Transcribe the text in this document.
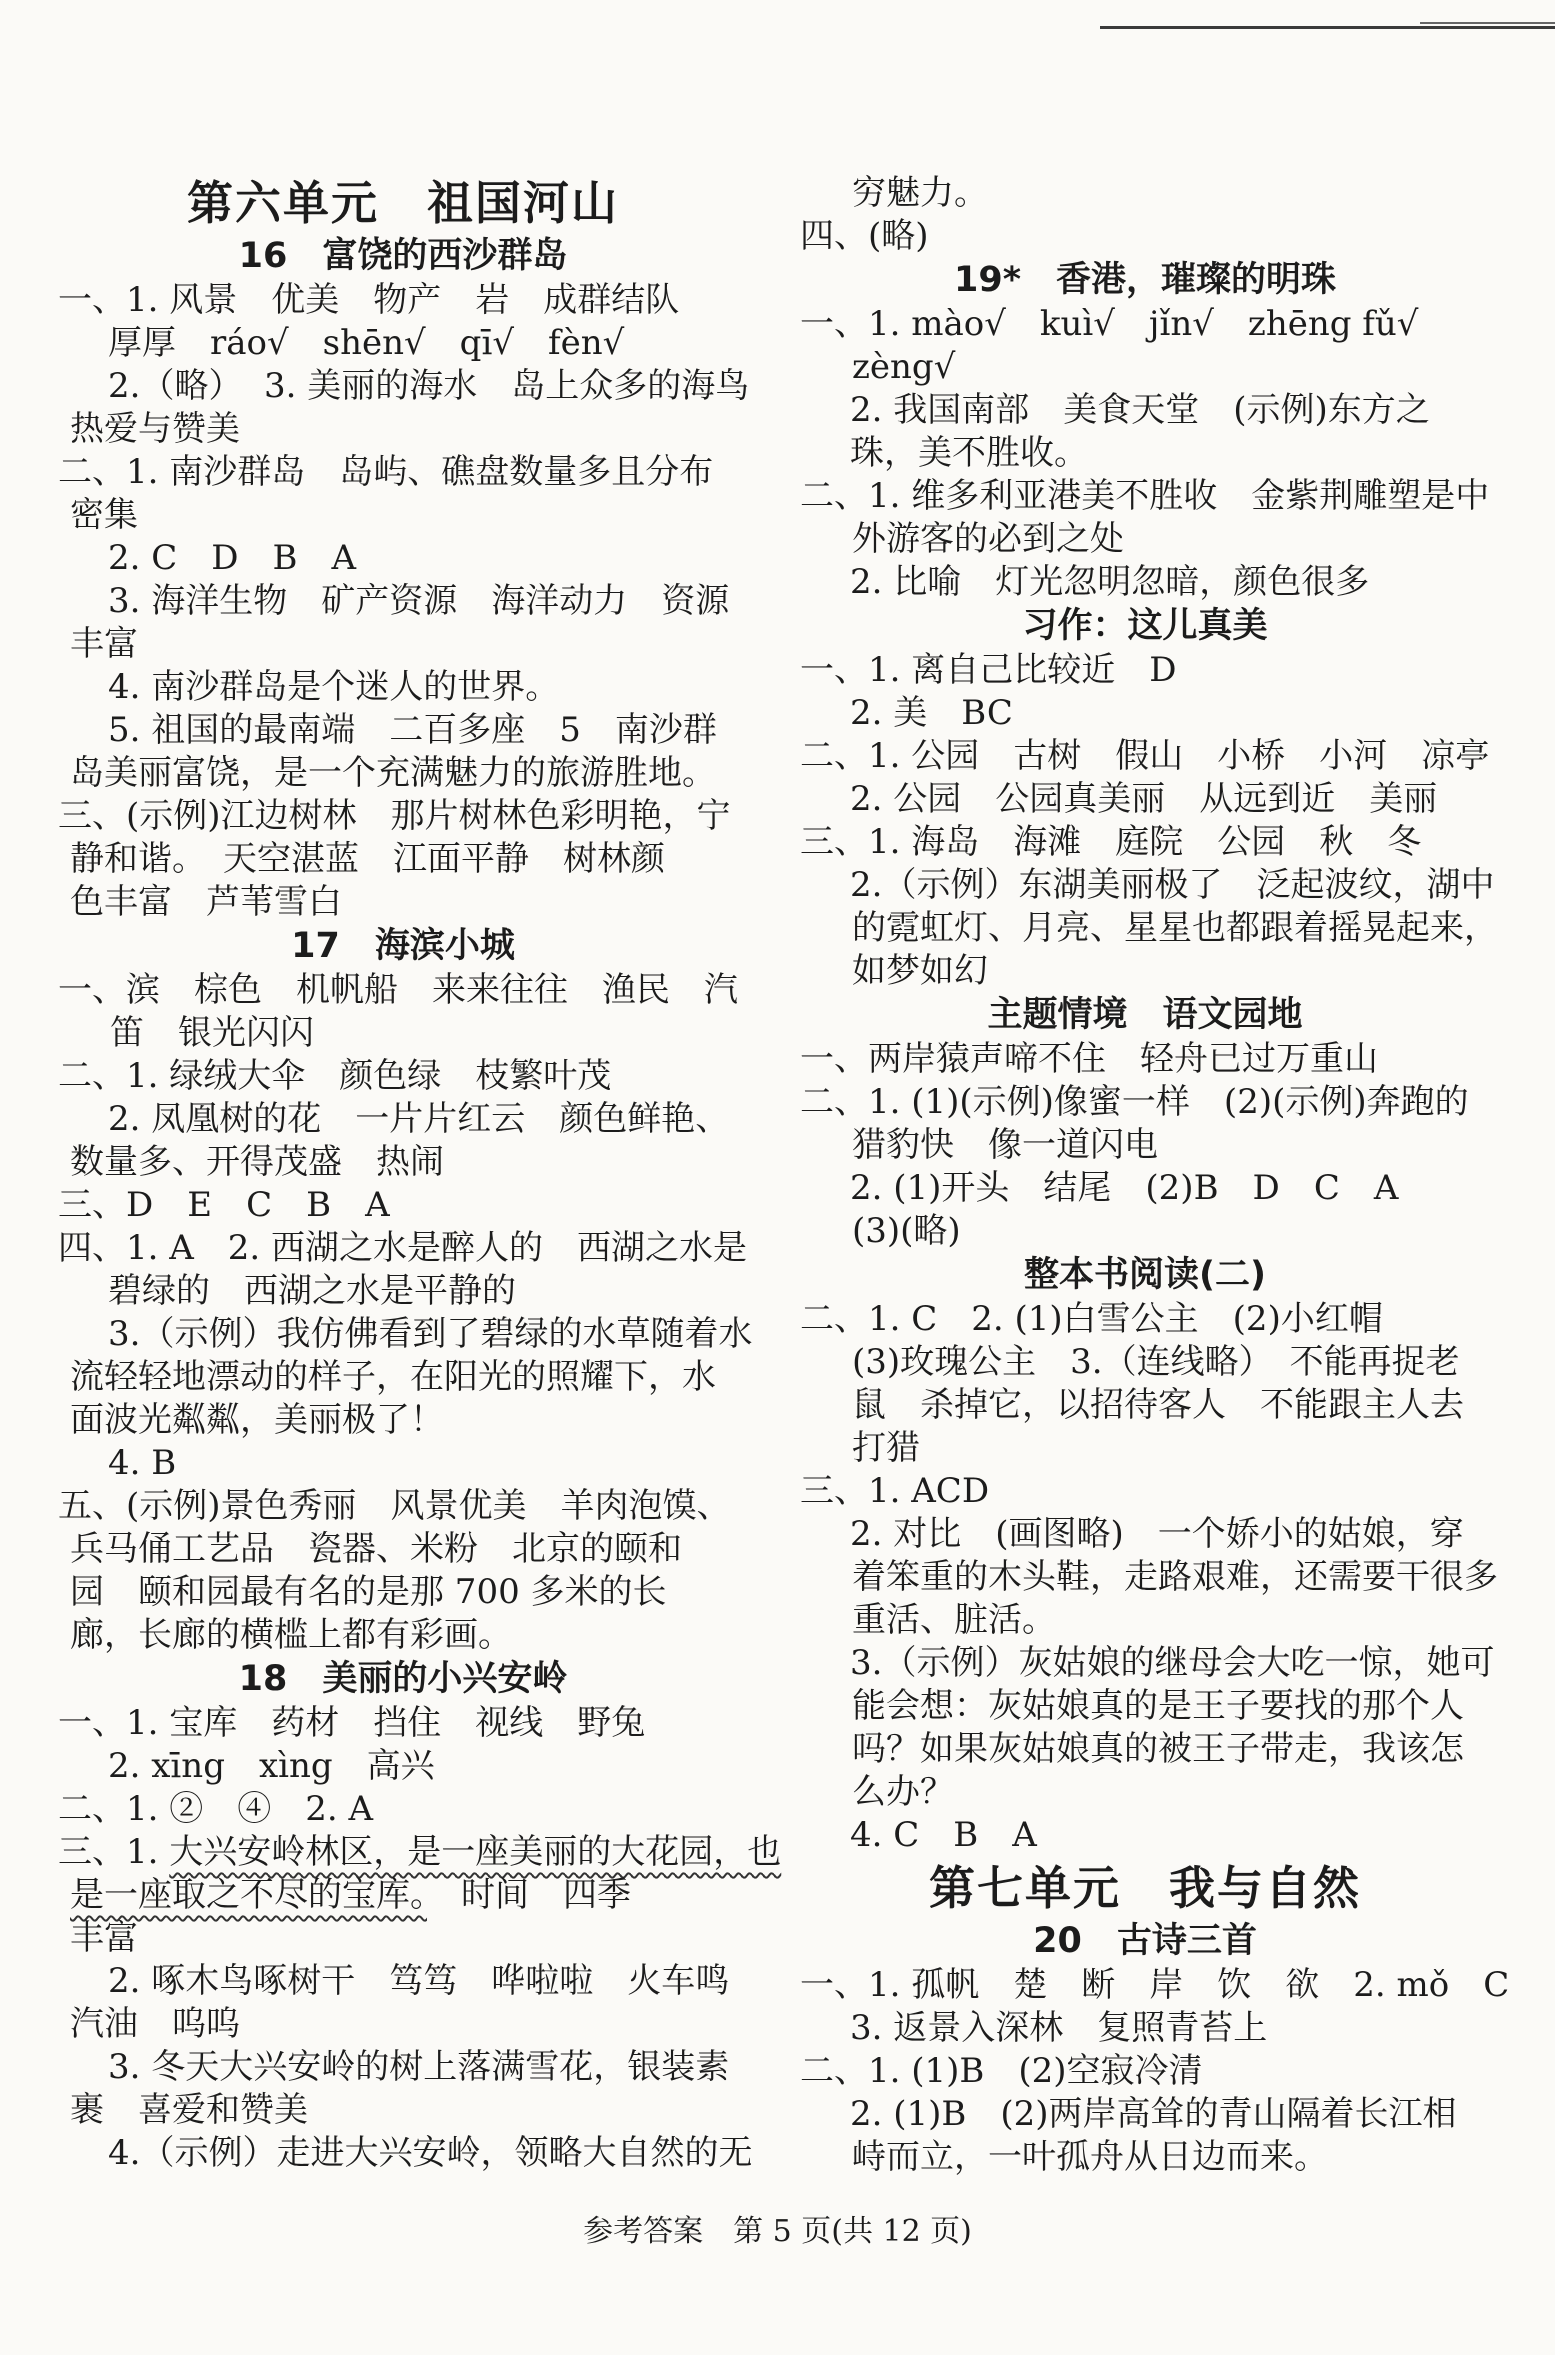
第六单元　祖国河山

16　富饶的西沙群岛

一、1. 风景　优美　物产　岩　成群结队

厚厚　ráo√　shēn√　qī√　fèn√

2.（略）  3. 美丽的海水　岛上众多的海鸟

热爱与赞美

二、1. 南沙群岛　岛屿、礁盘数量多且分布

密集

2. C　D　B　A

3. 海洋生物　矿产资源　海洋动力　资源

丰富

4. 南沙群岛是个迷人的世界。

5. 祖国的最南端　二百多座　5　南沙群

岛美丽富饶，是一个充满魅力的旅游胜地。

三、(示例)江边树林　那片树林色彩明艳，宁

静和谐。　天空湛蓝　江面平静　树林颜

色丰富　芦苇雪白

17　海滨小城

一、滨　棕色　机帆船　来来往往　渔民　汽

笛　银光闪闪

二、1. 绿绒大伞　颜色绿　枝繁叶茂

2. 凤凰树的花　一片片红云　颜色鲜艳、

数量多、开得茂盛　热闹

三、D　E　C　B　A

四、1. A　2. 西湖之水是醉人的　西湖之水是

碧绿的　西湖之水是平静的

3.（示例）我仿佛看到了碧绿的水草随着水

流轻轻地漂动的样子，在阳光的照耀下，水

面波光粼粼，美丽极了！

4. B

五、(示例)景色秀丽　风景优美　羊肉泡馍、

兵马俑工艺品　瓷器、米粉　北京的颐和

园　颐和园最有名的是那 700 多米的长

廊，长廊的横槛上都有彩画。

18　美丽的小兴安岭

一、1. 宝库　药材　挡住　视线　野兔

2. xīng　xìng　高兴

二、1. ②　④　2. A

三、1. 大兴安岭林区，是一座美丽的大花园，也

是一座取之不尽的宝库。　时间　四季

丰富

2. 啄木鸟啄树干　笃笃　哗啦啦　火车鸣

汽油　呜呜

3. 冬天大兴安岭的树上落满雪花，银装素

裹　喜爱和赞美

4.（示例）走进大兴安岭，领略大自然的无

穷魅力。

四、(略)

19*　香港，璀璨的明珠

一、1. mào√　kuì√　jǐn√　zhēng fǔ√

zèng√

2. 我国南部　美食天堂　(示例)东方之

珠，美不胜收。

二、1. 维多利亚港美不胜收　金紫荆雕塑是中

外游客的必到之处

2. 比喻　灯光忽明忽暗，颜色很多

习作：这儿真美

一、1. 离自己比较近　D

2. 美　BC

二、1. 公园　古树　假山　小桥　小河　凉亭

2. 公园　公园真美丽　从远到近　美丽

三、1. 海岛　海滩　庭院　公园　秋　冬

2.（示例）东湖美丽极了　泛起波纹，湖中

的霓虹灯、月亮、星星也都跟着摇晃起来，

如梦如幻

主题情境　语文园地

一、两岸猿声啼不住　轻舟已过万重山

二、1. (1)(示例)像蜜一样　(2)(示例)奔跑的

猎豹快　像一道闪电

2. (1)开头　结尾　(2)B　D　C　A

(3)(略)

整本书阅读(二)

二、1. C　2. (1)白雪公主　(2)小红帽

(3)玫瑰公主　3.（连线略）　不能再捉老

鼠　杀掉它，以招待客人　不能跟主人去

打猎

三、1. ACD

2. 对比　(画图略)　一个娇小的姑娘，穿

着笨重的木头鞋，走路艰难，还需要干很多

重活、脏活。

3.（示例）灰姑娘的继母会大吃一惊，她可

能会想：灰姑娘真的是王子要找的那个人

吗？如果灰姑娘真的被王子带走，我该怎

么办？

4. C　B　A

第七单元　我与自然

20　古诗三首

一、1. 孤帆　楚　断　岸　饮　欲　2. mǒ　C

3. 返景入深林　复照青苔上

二、1. (1)B　(2)空寂冷清

2. (1)B　(2)两岸高耸的青山隔着长江相

峙而立，一叶孤舟从日边而来。

参考答案　第 5 页(共 12 页)
